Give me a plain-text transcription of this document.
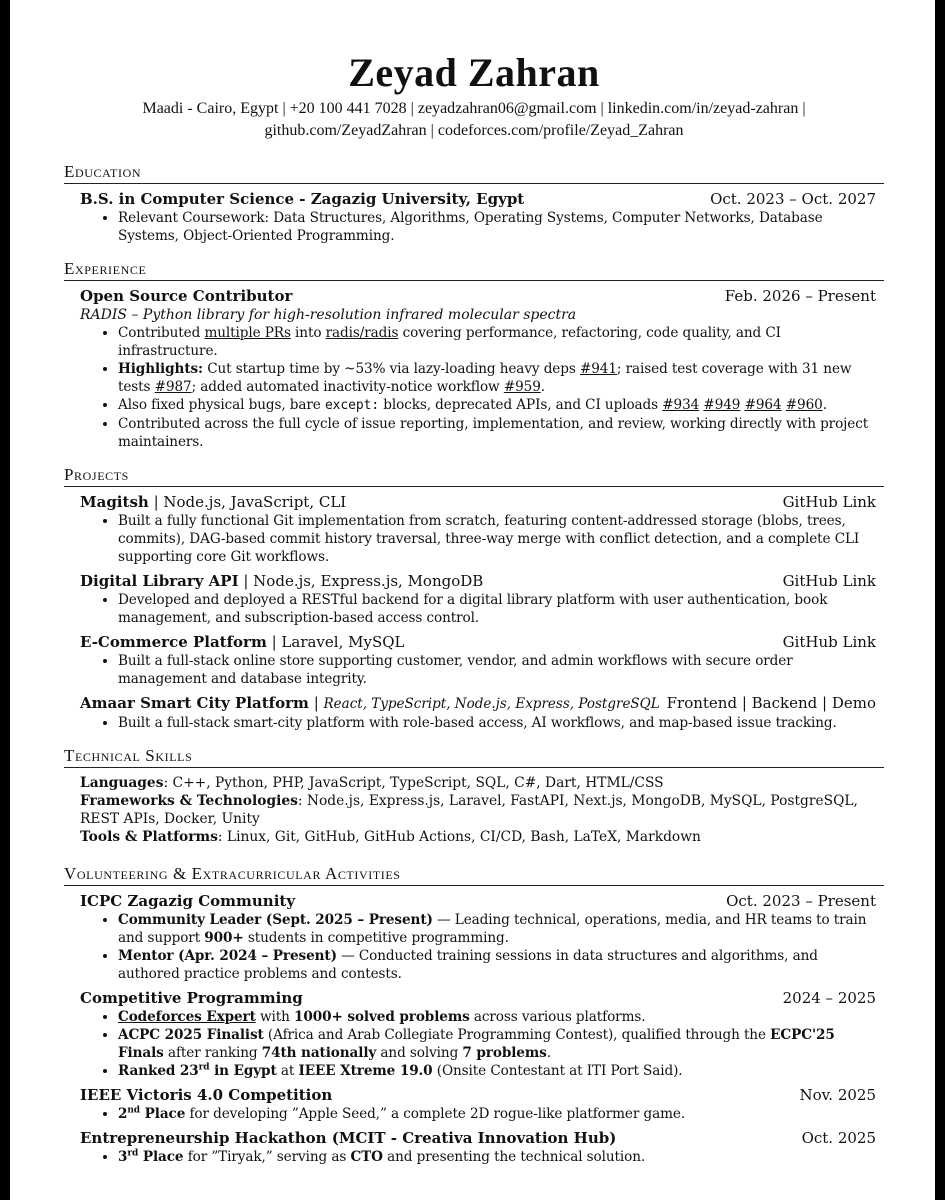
Zeyad Zahran
Maadi - Cairo, Egypt | +20 100 441 7028 | zeyadzahran06@gmail.com | linkedin.com/in/zeyad-zahran |
github.com/ZeyadZahran | codeforces.com/profile/Zeyad_Zahran
Education
B.S. in Computer Science - Zagazig University, Egypt	Oct. 2023 – Oct. 2027
• Relevant Coursework: Data Structures, Algorithms, Operating Systems, Computer Networks, Database Systems, Object-Oriented Programming.
Experience
Open Source Contributor	Feb. 2026 – Present
RADIS – Python library for high-resolution infrared molecular spectra
• Contributed multiple PRs into radis/radis covering performance, refactoring, code quality, and CI infrastructure.
• Highlights: Cut startup time by ~53% via lazy-loading heavy deps #941; raised test coverage with 31 new tests #987; added automated inactivity-notice workflow #959.
• Also fixed physical bugs, bare except: blocks, deprecated APIs, and CI uploads #934 #949 #964 #960.
• Contributed across the full cycle of issue reporting, implementation, and review, working directly with project maintainers.
Projects
Magitsh | Node.js, JavaScript, CLI	GitHub Link
• Built a fully functional Git implementation from scratch, featuring content-addressed storage (blobs, trees, commits), DAG-based commit history traversal, three-way merge with conflict detection, and a complete CLI supporting core Git workflows.
Digital Library API | Node.js, Express.js, MongoDB	GitHub Link
• Developed and deployed a RESTful backend for a digital library platform with user authentication, book management, and subscription-based access control.
E-Commerce Platform | Laravel, MySQL	GitHub Link
• Built a full-stack online store supporting customer, vendor, and admin workflows with secure order management and database integrity.
Amaar Smart City Platform | React, TypeScript, Node.js, Express, PostgreSQL Frontend | Backend | Demo
• Built a full-stack smart-city platform with role-based access, AI workflows, and map-based issue tracking.
Technical Skills

Languages: C++, Python, PHP, JavaScript, TypeScript, SQL, C#, Dart, HTML/CSS

Frameworks & Technologies: Node.js, Express.js, Laravel, FastAPI, Next.js, MongoDB, MySQL, PostgreSQL, REST APIs, Docker, Unity

Tools & Platforms: Linux, Git, GitHub, GitHub Actions, CI/CD, Bash, LaTeX, Markdown

Volunteering & Extracurricular Activities
ICPC Zagazig Community	Oct. 2023 – Present
• Community Leader (Sept. 2025 – Present) — Leading technical, operations, media, and HR teams to train and support 900+ students in competitive programming.
• Mentor (Apr. 2024 – Present) — Conducted training sessions in data structures and algorithms, and authored practice problems and contests.
Competitive Programming	2024 – 2025
• Codeforces Expert with 1000+ solved problems across various platforms.
• ACPC 2025 Finalist (Africa and Arab Collegiate Programming Contest), qualified through the ECPC'25 Finals after ranking 74th nationally and solving 7 problems.
• Ranked 23rd in Egypt at IEEE Xtreme 19.0 (Onsite Contestant at ITI Port Said).
IEEE Victoris 4.0 Competition	Nov. 2025
• 2nd Place for developing ”Apple Seed,” a complete 2D rogue-like platformer game.
Entrepreneurship Hackathon (MCIT - Creativa Innovation Hub)	Oct. 2025
• 3rd Place for ”Tiryak,” serving as CTO and presenting the technical solution.
